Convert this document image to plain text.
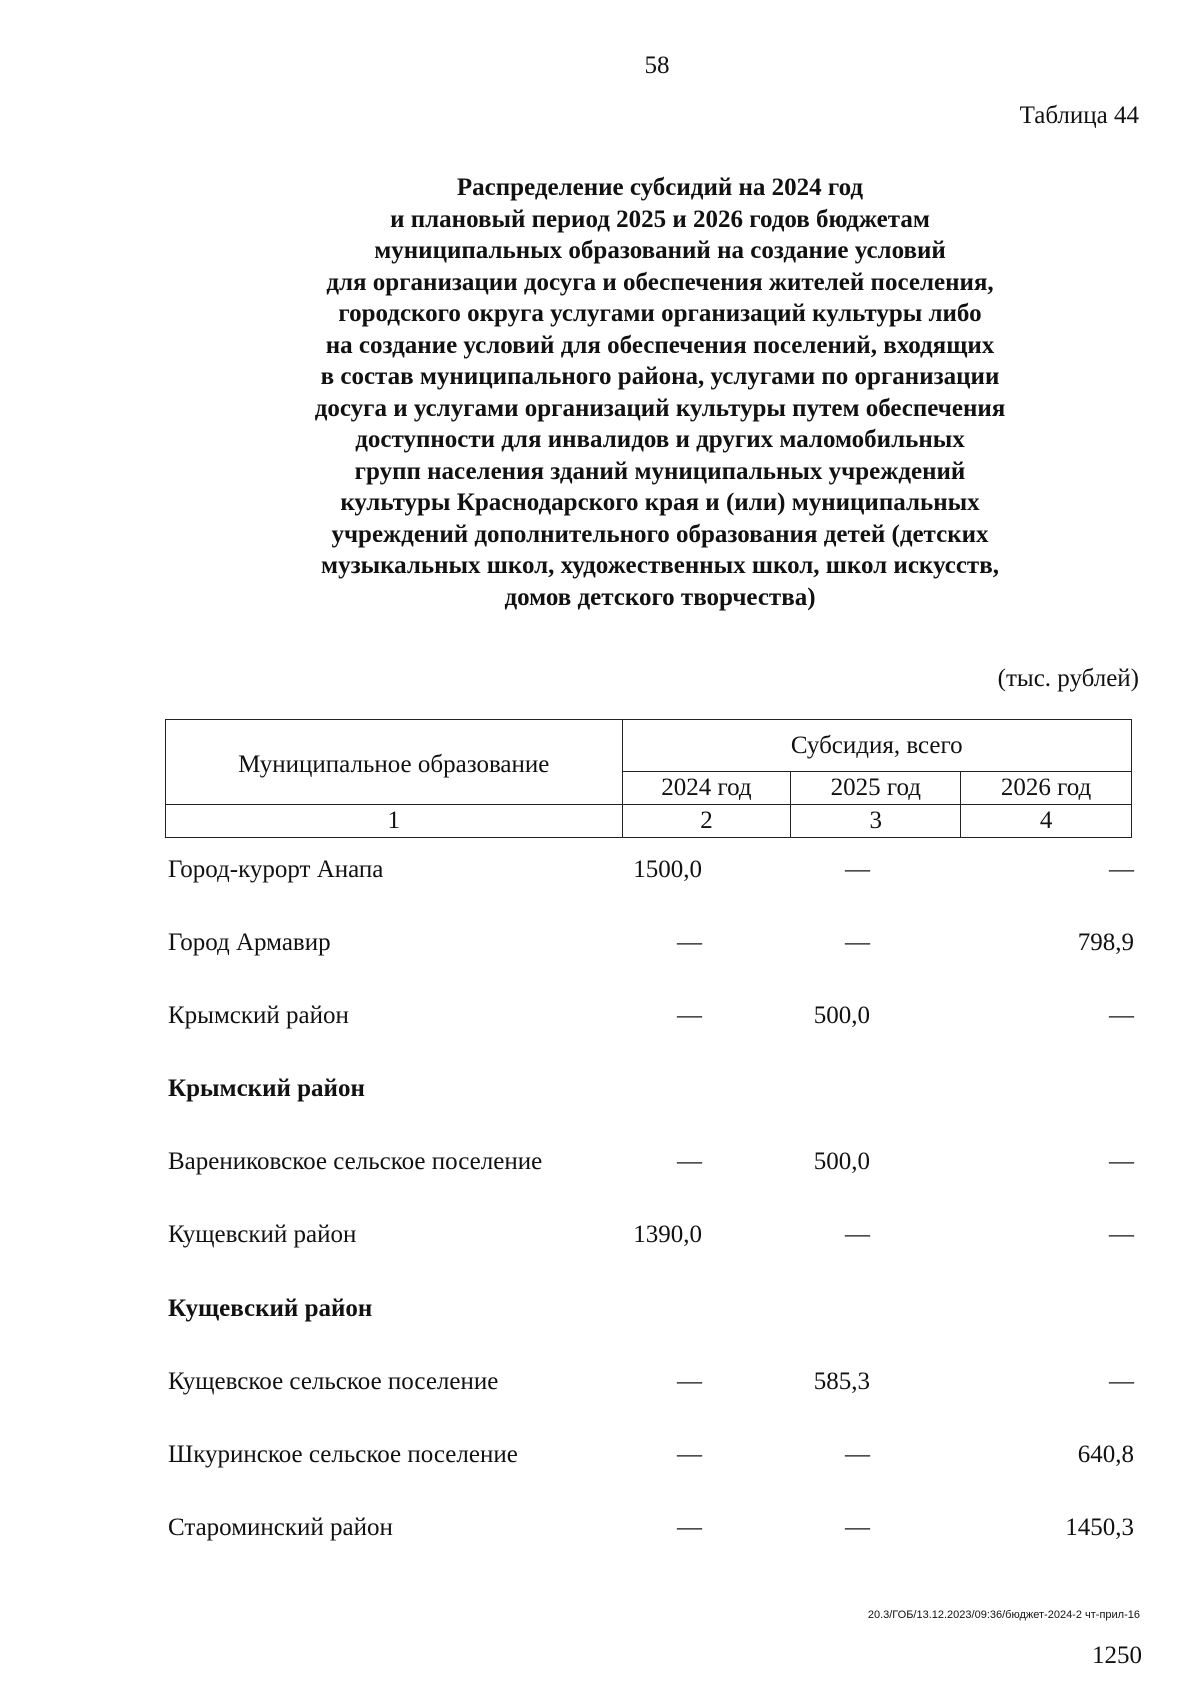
58
Таблица 44
Распределение субсидий на 2024 год
и плановый период 2025 и 2026 годов бюджетам
муниципальных образований на создание условий
для организации досуга и обеспечения жителей поселения,
городского округа услугами организаций культуры либо
на создание условий для обеспечения поселений, входящих
в состав муниципального района, услугами по организации
досуга и услугами организаций культуры путем обеспечения
доступности для инвалидов и других маломобильных
групп населения зданий муниципальных учреждений
культуры Краснодарского края и (или) муниципальных
учреждений дополнительного образования детей (детских
музыкальных школ, художественных школ, школ искусств,
домов детского творчества)
(тыс. рублей)
Муниципальное образование	Субсидия, всего		
	2024 год	2025 год	2026 год
1	2	3	4
Город-курорт Анапа	1500,0	—	—
Город Армавир	—	—	798,9
Крымский район	—	500,0	—
Крымский район
Варениковское сельское поселение	—	500,0	—
Кущевский район	1390,0	—	—
Кущевский район
Кущевское сельское поселение	—	585,3	—
Шкуринское сельское поселение	—	—	640,8
Староминский район	—	—	1450,3
20.3/ГОБ/13.12.2023/09:36/бюджет-2024-2 чт-прил-16
1250
